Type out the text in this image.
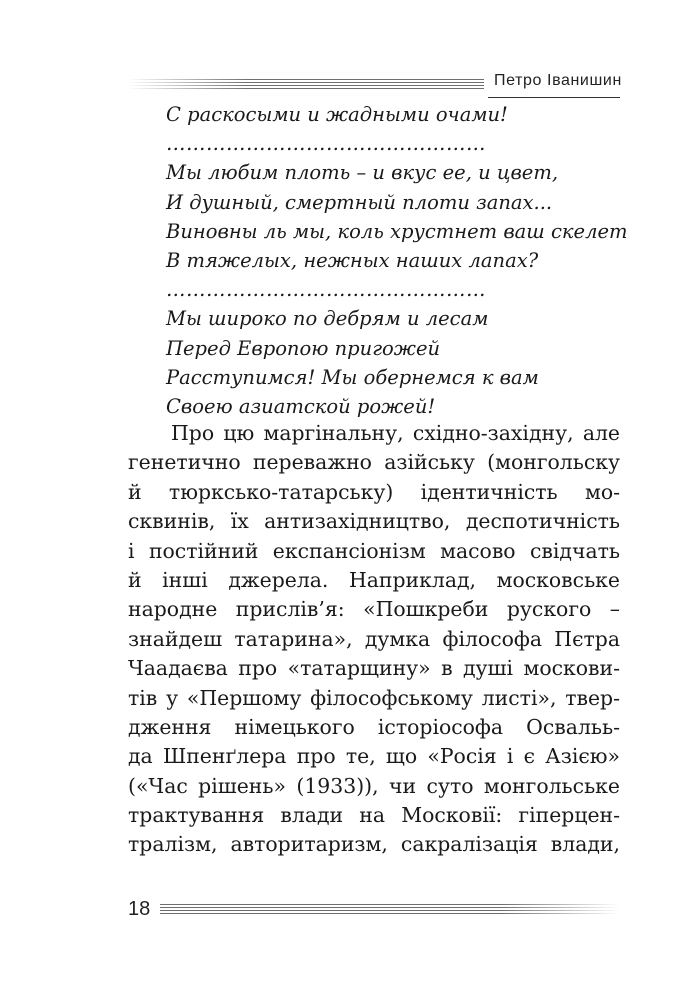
Петро Іванишин
С раскосыми и жадными очами!
…………………………………………
Мы любим плоть – и вкус ее, и цвет,
И душный, смертный плоти запах...
Виновны ль мы, коль хрустнет ваш скелет
В тяжелых, нежных наших лапах?
…………………………………………
Мы широко по дебрям и лесам
Перед Европою пригожей
Расступимся! Мы обернемся к вам
Своею азиатской рожей!
Про цю маргінальну, східно-західну, але
генетично переважно азійську (монгольску
й тюрксько-татарську) ідентичність мо-
сквинів, їх антизахідництво, деспотичність
і постійний експансіонізм масово свідчать
й інші джерела. Наприклад, московське
народне прислів’я: «Пошкреби руского –
знайдеш татарина», думка філософа Пєтра
Чаадаєва про «татарщину» в душі москови-
тів у «Першому філософському листі», твер-
дження німецького історіософа Освальь-
да Шпенґлера про те, що «Росія і є Азією»
(«Час рішень» (1933)), чи суто монгольське
трактування влади на Московії: гіперцен-
тралізм, авторитаризм, сакралізація влади,
18
